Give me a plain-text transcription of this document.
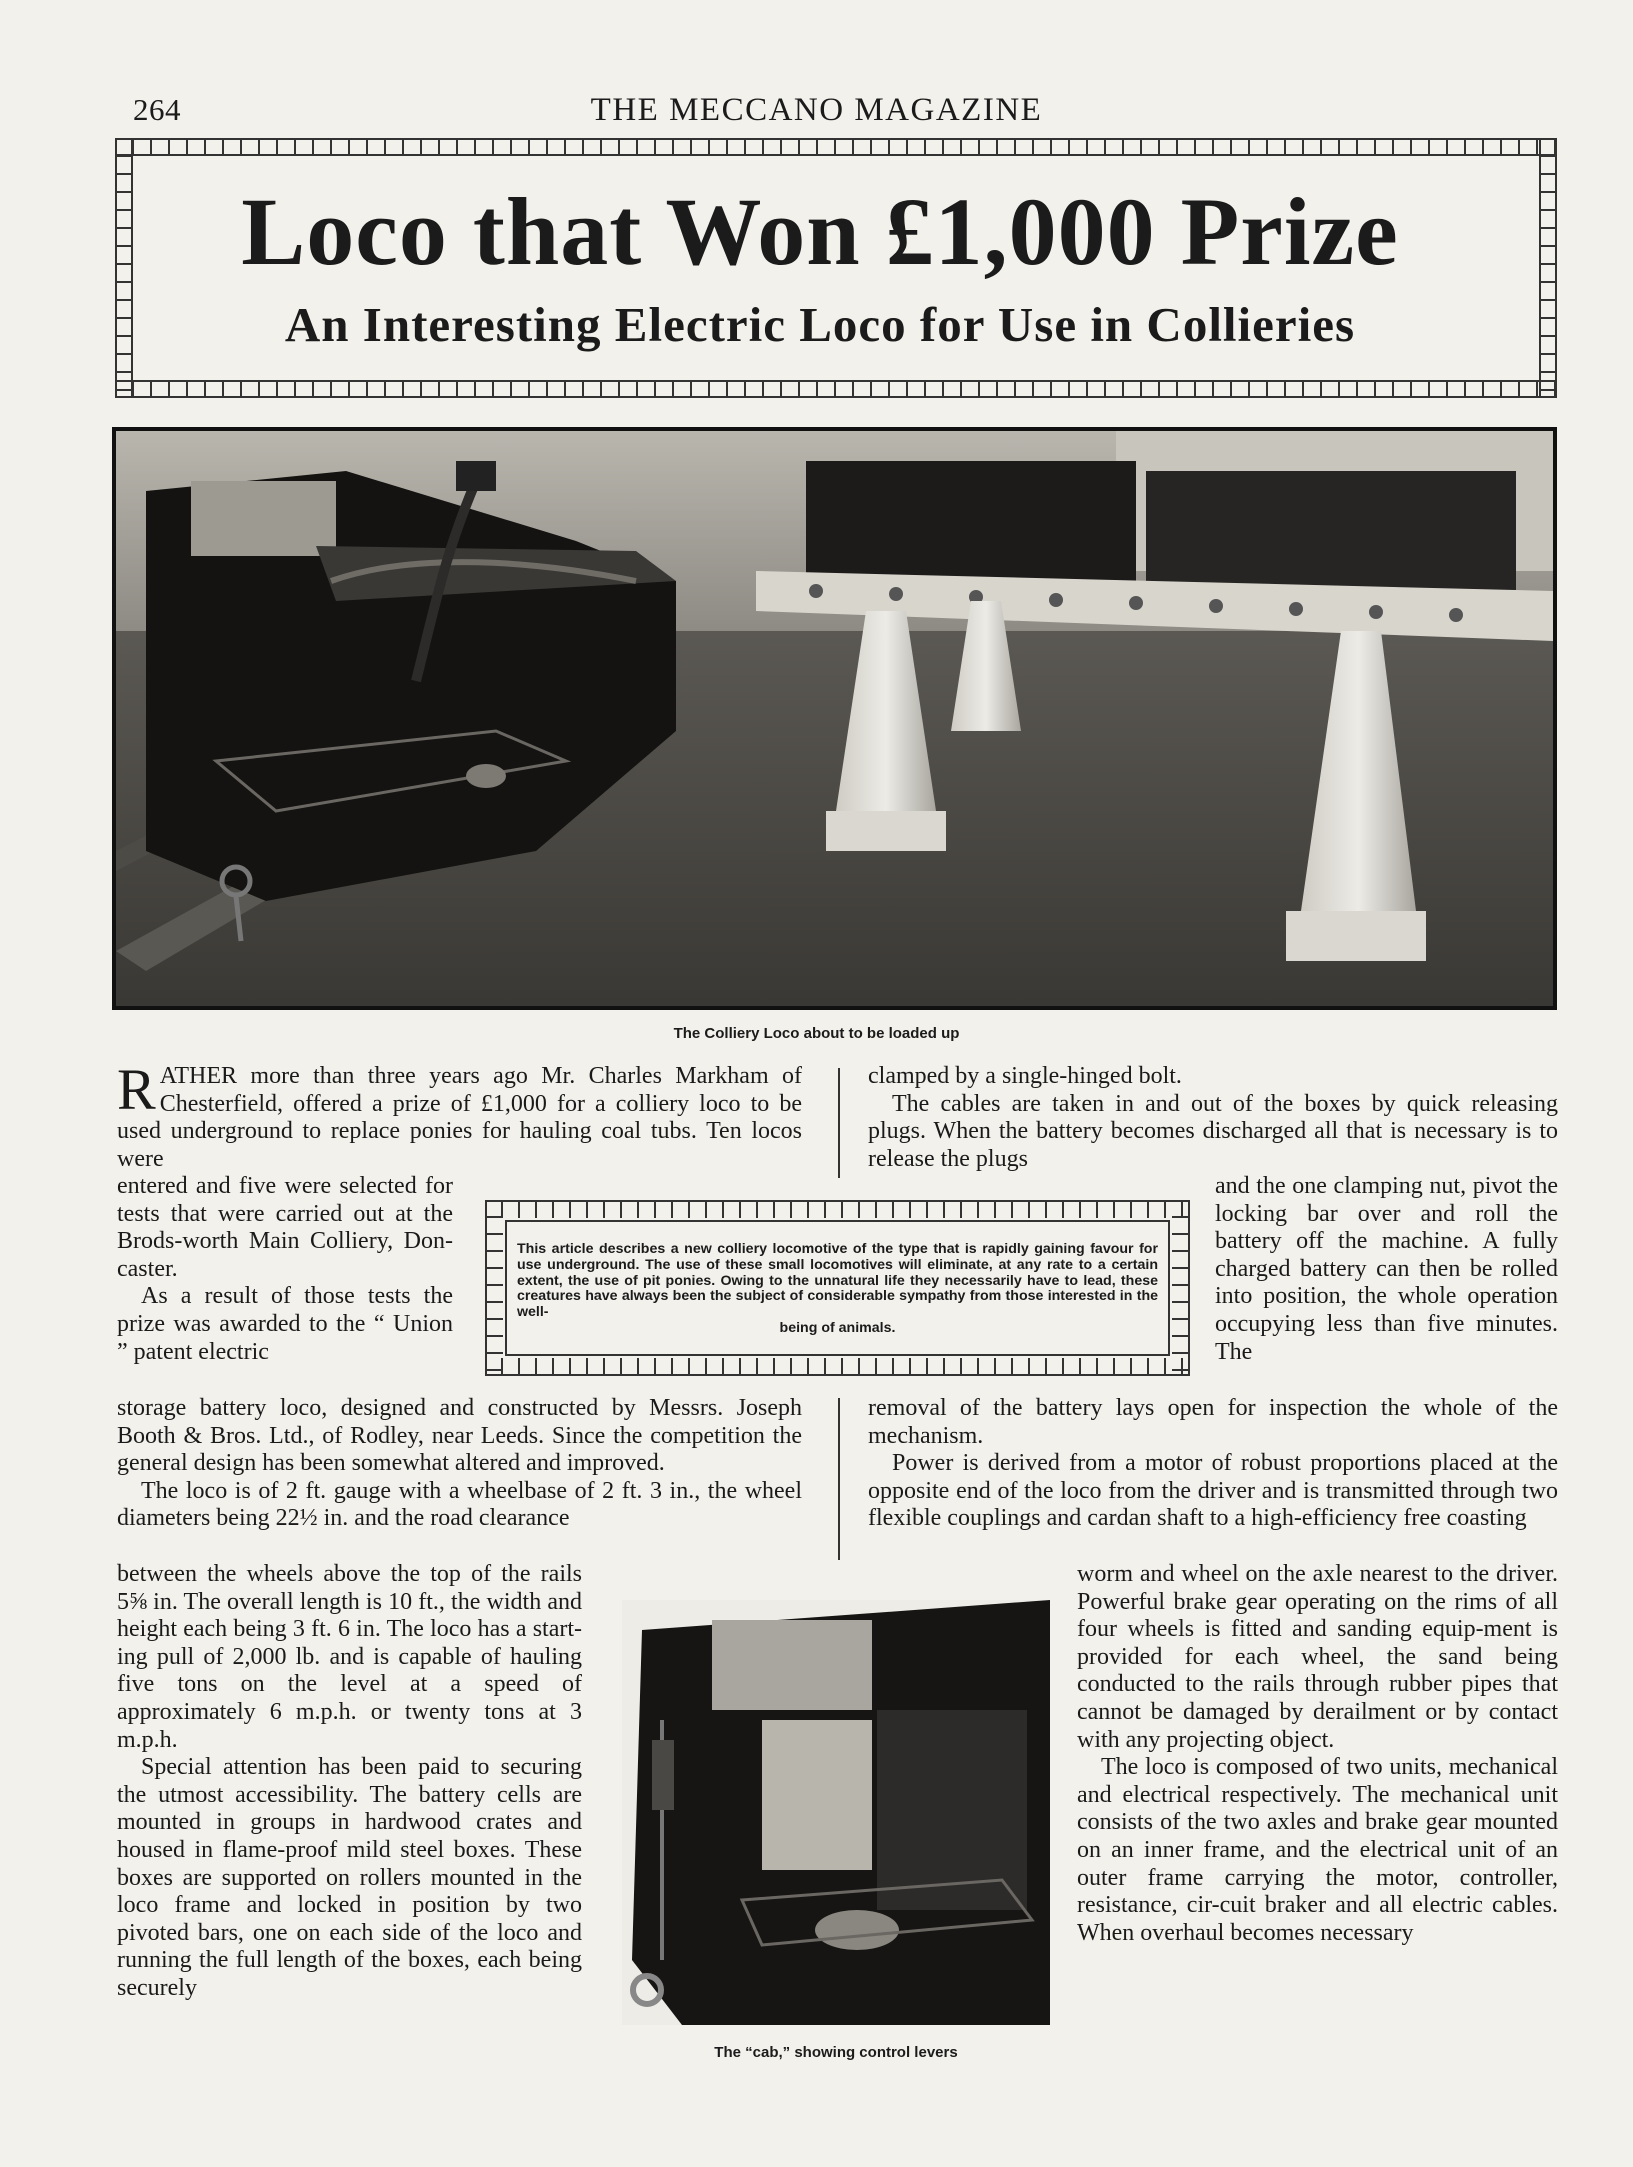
264	THE MECCANO MAGAZINE
Loco that Won £1,000 Prize
An Interesting Electric Loco for Use in Collieries
The Colliery Loco about to be loaded up

RATHER more than three years ago Mr. Charles Markham of Chesterfield, offered a prize of £1,000 for a colliery loco to be used underground to replace ponies for hauling coal tubs. Ten locos were

entered and five were selected for tests that were carried out at the Brods-worth Main Colliery, Don-caster.

As a result of those tests the prize was awarded to the “ Union ” patent electric

storage battery loco, designed and constructed by Messrs. Joseph Booth & Bros. Ltd., of Rodley, near Leeds. Since the competition the general design has been somewhat altered and improved.

The loco is of 2 ft. gauge with a wheelbase of 2 ft. 3 in., the wheel diameters being 22½ in. and the road clearance

between the wheels above the top of the rails 5⅝ in. The overall length is 10 ft., the width and height each being 3 ft. 6 in. The loco has a start-ing pull of 2,000 lb. and is capable of hauling five tons on the level at a speed of approximately 6 m.p.h. or twenty tons at 3 m.p.h.

Special attention has been paid to securing the utmost accessibility. The battery cells are mounted in groups in hardwood crates and housed in flame-proof mild steel boxes. These boxes are supported on rollers mounted in the loco frame and locked in position by two pivoted bars, one on each side of the loco and running the full length of the boxes, each being securely

clamped by a single-hinged bolt.

The cables are taken in and out of the boxes by quick releasing plugs. When the battery becomes discharged all that is necessary is to release the plugs

and the one clamping nut, pivot the locking bar over and roll the battery off the machine. A fully charged battery can then be rolled into position, the whole operation occupying less than five minutes. The

removal of the battery lays open for inspection the whole of the mechanism.

Power is derived from a motor of robust proportions placed at the opposite end of the loco from the driver and is transmitted through two flexible couplings and cardan shaft to a high-efficiency free coasting

worm and wheel on the axle nearest to the driver. Powerful brake gear operating on the rims of all four wheels is fitted and sanding equip-ment is provided for each wheel, the sand being conducted to the rails through rubber pipes that cannot be damaged by derailment or by contact with any projecting object.

The loco is composed of two units, mechanical and electrical respectively. The mechanical unit consists of the two axles and brake gear mounted on an inner frame, and the electrical unit of an outer frame carrying the motor, controller, resistance, cir-cuit braker and all electric cables. When overhaul becomes necessary

This article describes a new colliery locomotive of the type that is rapidly gaining favour for use underground. The use of these small locomotives will eliminate, at any rate to a certain extent, the use of pit ponies. Owing to the unnatural life they necessarily have to lead, these creatures have always been the subject of considerable sympathy from those interested in the well-
being of animals.
The “cab,” showing control levers
